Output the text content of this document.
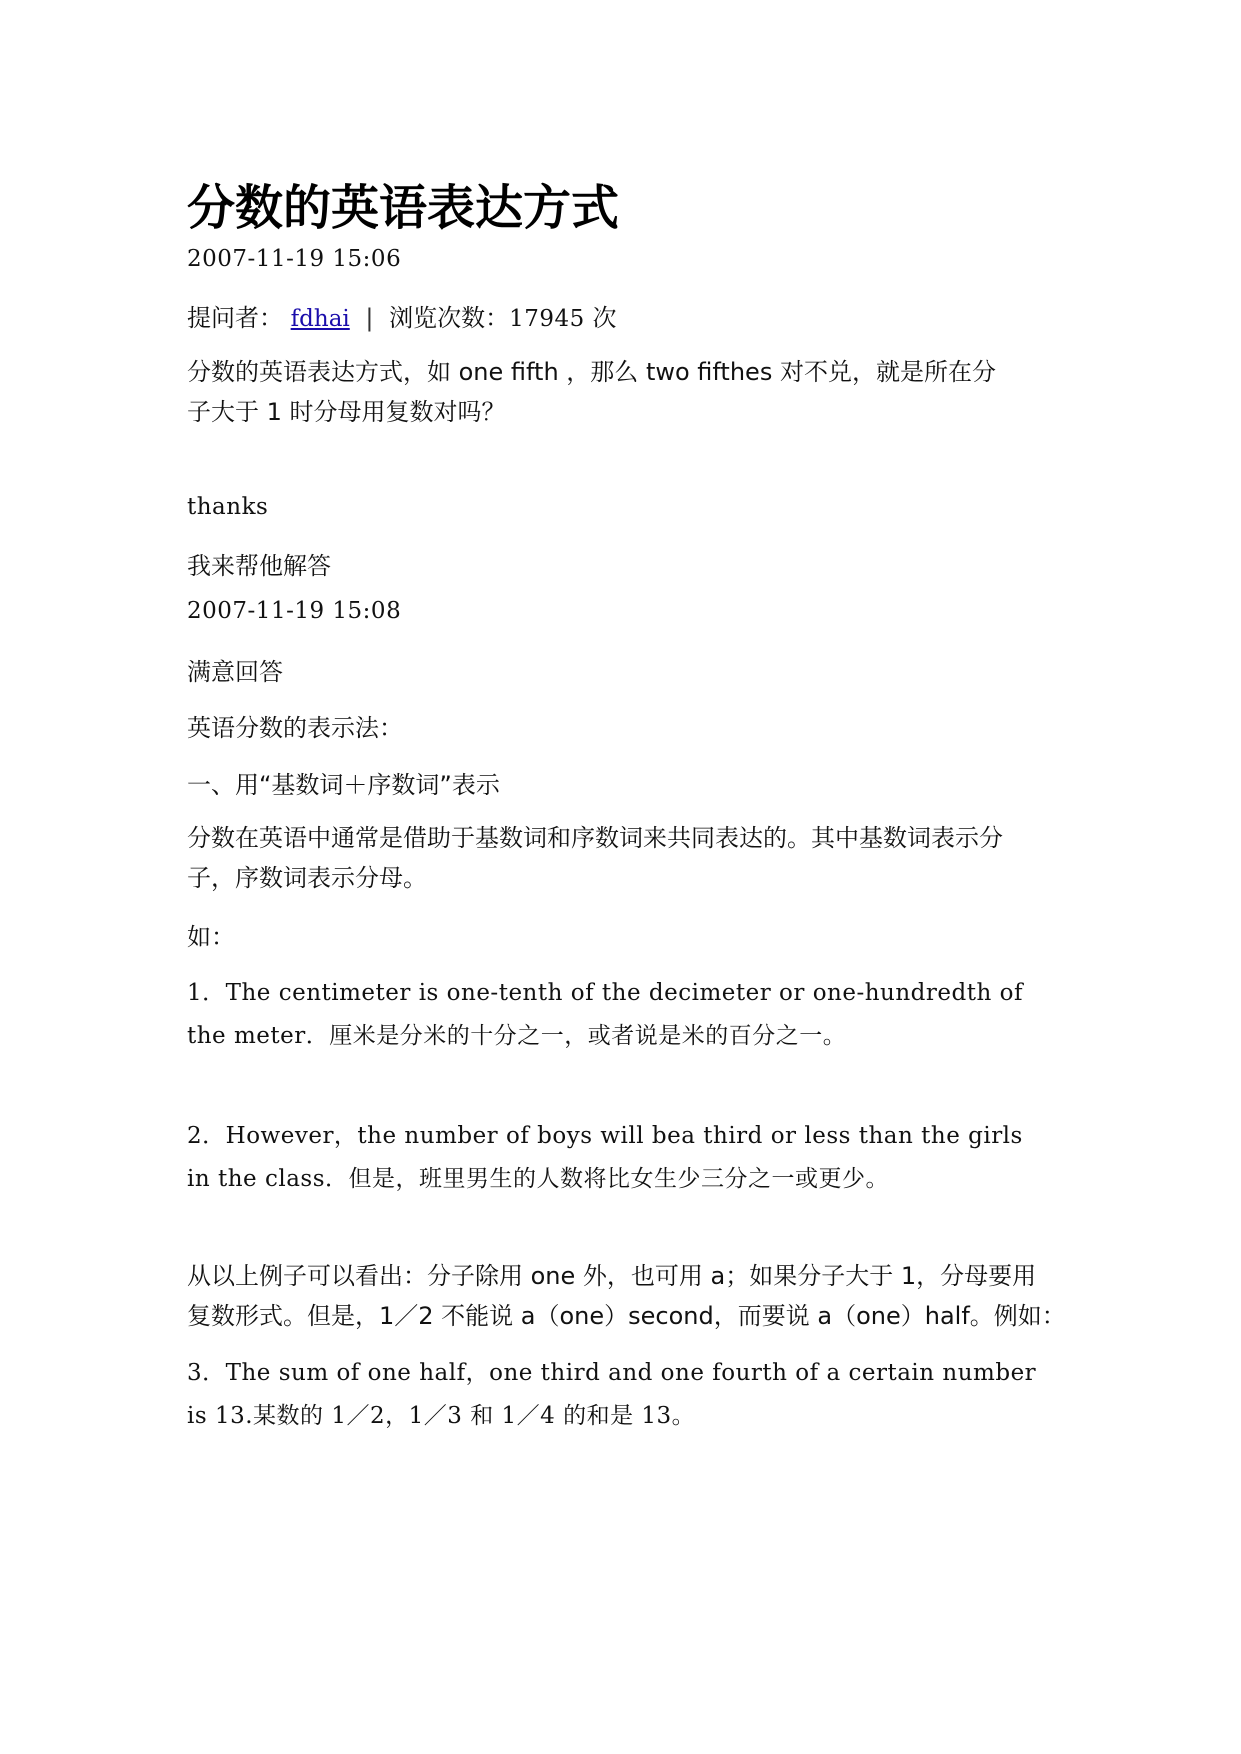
分数的英语表达方式
2007-11-19 15:06
提问者： fdhai | 浏览次数：17945 次
分数的英语表达方式，如 one fifth ，那么 two fifthes 对不兑，就是所在分
子大于 1 时分母用复数对吗？
thanks
我来帮他解答
2007-11-19 15:08
满意回答
英语分数的表示法：
一、用“基数词＋序数词”表示
分数在英语中通常是借助于基数词和序数词来共同表达的。其中基数词表示分
子，序数词表示分母。
如：
1．The centimeter is one-tenth of the decimeter or one-hundredth of
the meter．厘米是分米的十分之一，或者说是米的百分之一。
2．However，the number of boys will bea third or less than the girls
in the class．但是，班里男生的人数将比女生少三分之一或更少。
从以上例子可以看出：分子除用 one 外，也可用 a；如果分子大于 1，分母要用
复数形式。但是，1／2 不能说 a（one）second，而要说 a（one）half。例如：
3．The sum of one half，one third and one fourth of a certain number
is 13.某数的 1／2，1／3 和 1／4 的和是 13。
